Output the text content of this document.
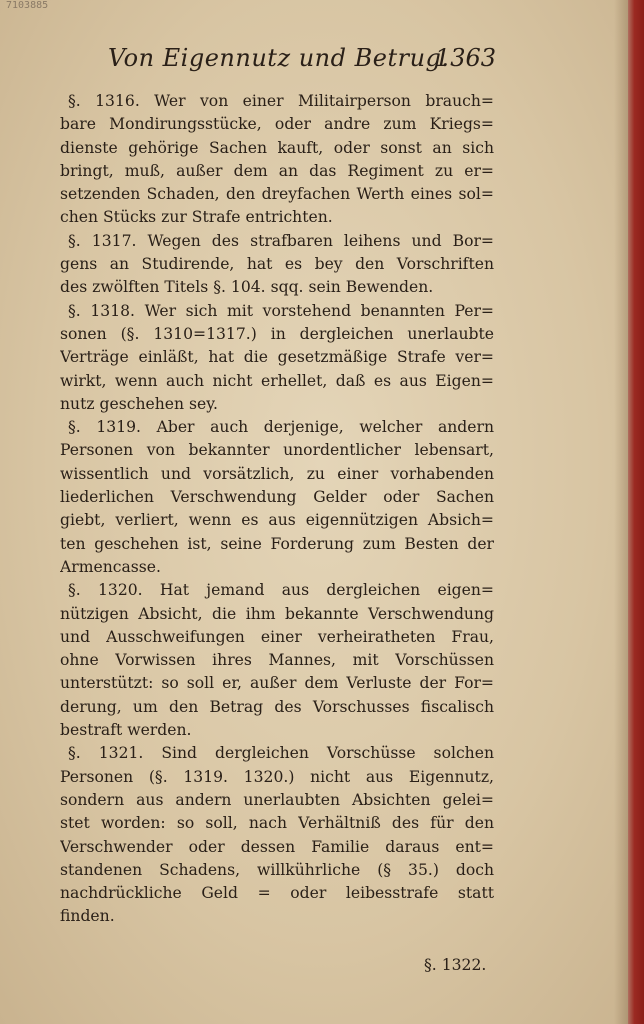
7103885
Von Eigennutz und Betrug.
1363
§. 1316. Wer von einer Militairperson brauch=
bare Mondirungsstücke, oder andre zum Kriegs=
dienste gehörige Sachen kauft, oder sonst an sich
bringt, muß, außer dem an das Regiment zu er=
setzenden Schaden, den dreyfachen Werth eines sol=
chen Stücks zur Strafe entrichten.
§. 1317. Wegen des strafbaren leihens und Bor=
gens an Studirende, hat es bey den Vorschriften
des zwölften Titels §. 104. sqq. sein Bewenden.
§. 1318. Wer sich mit vorstehend benannten Per=
sonen (§. 1310=1317.) in dergleichen unerlaubte
Verträge einläßt, hat die gesetzmäßige Strafe ver=
wirkt, wenn auch nicht erhellet, daß es aus Eigen=
nutz geschehen sey.
§. 1319. Aber auch derjenige, welcher andern
Personen von bekannter unordentlicher lebensart,
wissentlich und vorsätzlich, zu einer vorhabenden
liederlichen Verschwendung Gelder oder Sachen
giebt, verliert, wenn es aus eigennützigen Absich=
ten geschehen ist, seine Forderung zum Besten der
Armencasse.
§. 1320. Hat jemand aus dergleichen eigen=
nützigen Absicht, die ihm bekannte Verschwendung
und Ausschweifungen einer verheiratheten Frau,
ohne Vorwissen ihres Mannes, mit Vorschüssen
unterstützt: so soll er, außer dem Verluste der For=
derung, um den Betrag des Vorschusses fiscalisch
bestraft werden.
§. 1321. Sind dergleichen Vorschüsse solchen
Personen (§. 1319. 1320.) nicht aus Eigennutz,
sondern aus andern unerlaubten Absichten gelei=
stet worden: so soll, nach Verhältniß des für den
Verschwender oder dessen Familie daraus ent=
standenen Schadens, willkührliche (§ 35.) doch
nachdrückliche Geld = oder leibesstrafe statt
finden.
§. 1322.
